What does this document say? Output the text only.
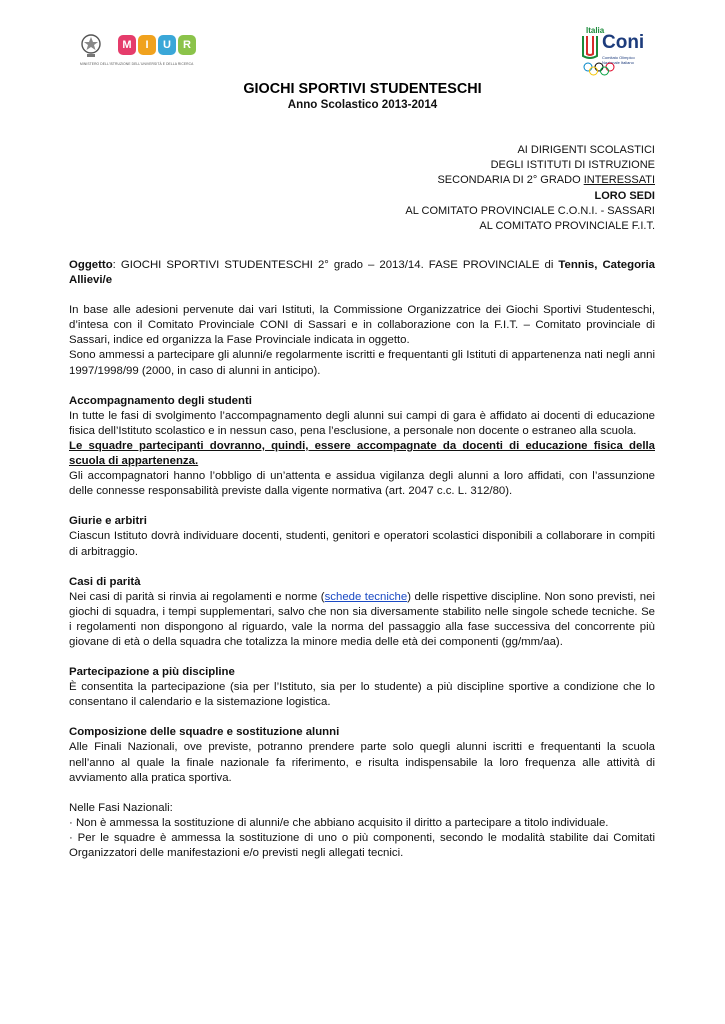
M	I	U	R
MINISTERO DELL'ISTRUZIONE DELL'UNIVERSITÀ E DELLA RICERCA
Italia
Coni
Comitato Olimpico Nazionale Italiano
GIOCHI SPORTIVI STUDENTESCHI
Anno Scolastico 2013-2014
AI DIRIGENTI SCOLASTICI
DEGLI ISTITUTI DI ISTRUZIONE
SECONDARIA DI 2° GRADO INTERESSATI
LORO SEDI
AL COMITATO PROVINCIALE C.O.N.I. - SASSARI
AL COMITATO PROVINCIALE F.I.T.

Oggetto: GIOCHI SPORTIVI STUDENTESCHI 2° grado – 2013/14. FASE PROVINCIALE di Tennis, Categoria Allievi/e

In base alle adesioni pervenute dai vari Istituti, la Commissione Organizzatrice dei Giochi Sportivi Studenteschi, d’intesa con il Comitato Provinciale CONI di Sassari e in collaborazione con la F.I.T. – Comitato provinciale di Sassari, indice ed organizza la Fase Provinciale indicata in oggetto.

Sono ammessi a partecipare gli alunni/e regolarmente iscritti e frequentanti gli Istituti di appartenenza nati negli anni 1997/1998/99 (2000, in caso di alunni in anticipo).

Accompagnamento degli studenti

In tutte le fasi di svolgimento l’accompagnamento degli alunni sui campi di gara è affidato ai docenti di educazione fisica dell’Istituto scolastico e in nessun caso, pena l’esclusione, a personale non docente o estraneo alla scuola.

Le squadre partecipanti dovranno, quindi, essere accompagnate da docenti di educazione fisica della scuola di appartenenza.

Gli accompagnatori hanno l’obbligo di un’attenta e assidua vigilanza degli alunni a loro affidati, con l’assunzione delle connesse responsabilità previste dalla vigente normativa (art. 2047 c.c. L. 312/80).

Giurie e arbitri

Ciascun Istituto dovrà individuare docenti, studenti, genitori e operatori scolastici disponibili a collaborare in compiti di arbitraggio.

Casi di parità

Nei casi di parità si rinvia ai regolamenti e norme (schede tecniche) delle rispettive discipline. Non sono previsti, nei giochi di squadra, i tempi supplementari, salvo che non sia diversamente stabilito nelle singole schede tecniche. Se i regolamenti non dispongono al riguardo, vale la norma del passaggio alla fase successiva del concorrente più giovane di età o della squadra che totalizza la minore media delle età dei componenti (gg/mm/aa).

Partecipazione a più discipline

È consentita la partecipazione (sia per l’Istituto, sia per lo studente) a più discipline sportive a condizione che lo consentano il calendario e la sistemazione logistica.

Composizione delle squadre e sostituzione alunni

Alle Finali Nazionali, ove previste, potranno prendere parte solo quegli alunni iscritti e frequentanti la scuola nell’anno al quale la finale nazionale fa riferimento, e risulta indispensabile la loro frequenza alle attività di avviamento alla pratica sportiva.

Nelle Fasi Nazionali:

· Non è ammessa la sostituzione di alunni/e che abbiano acquisito il diritto a partecipare a titolo individuale.

· Per le squadre è ammessa la sostituzione di uno o più componenti, secondo le modalità stabilite dai Comitati Organizzatori delle manifestazioni e/o previsti negli allegati tecnici.
